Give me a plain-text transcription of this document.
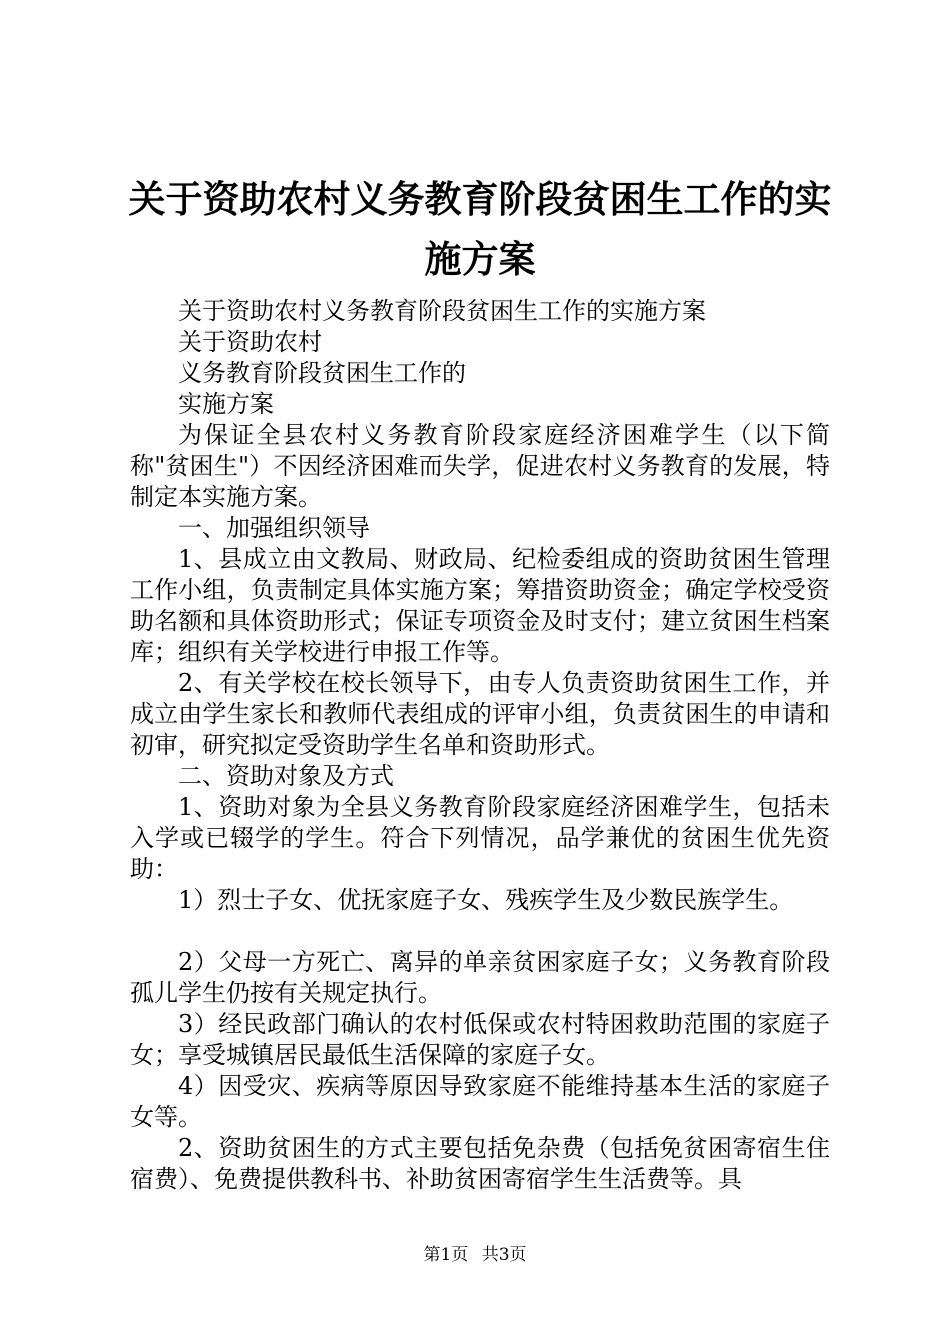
关于资助农村义务教育阶段贫困生工作的实施方案

关于资助农村义务教育阶段贫困生工作的实施方案

关于资助农村

义务教育阶段贫困生工作的

实施方案

为保证全县农村义务教育阶段家庭经济困难学生（以下简称"贫困生"）不因经济困难而失学，促进农村义务教育的发展，特制定本实施方案。

一、加强组织领导

1、县成立由文教局、财政局、纪检委组成的资助贫困生管理工作小组，负责制定具体实施方案；筹措资助资金；确定学校受资助名额和具体资助形式；保证专项资金及时支付；建立贫困生档案库；组织有关学校进行申报工作等。

2、有关学校在校长领导下，由专人负责资助贫困生工作，并成立由学生家长和教师代表组成的评审小组，负责贫困生的申请和初审，研究拟定受资助学生名单和资助形式。

二、资助对象及方式

1、资助对象为全县义务教育阶段家庭经济困难学生，包括未入学或已辍学的学生。符合下列情况，品学兼优的贫困生优先资助：

1）烈士子女、优抚家庭子女、残疾学生及少数民族学生。

2）父母一方死亡、离异的单亲贫困家庭子女；义务教育阶段孤儿学生仍按有关规定执行。

3）经民政部门确认的农村低保或农村特困救助范围的家庭子女；享受城镇居民最低生活保障的家庭子女。

4）因受灾、疾病等原因导致家庭不能维持基本生活的家庭子女等。

2、资助贫困生的方式主要包括免杂费（包括免贫困寄宿生住宿费）、免费提供教科书、补助贫困寄宿学生生活费等。具

第1页 共3页
